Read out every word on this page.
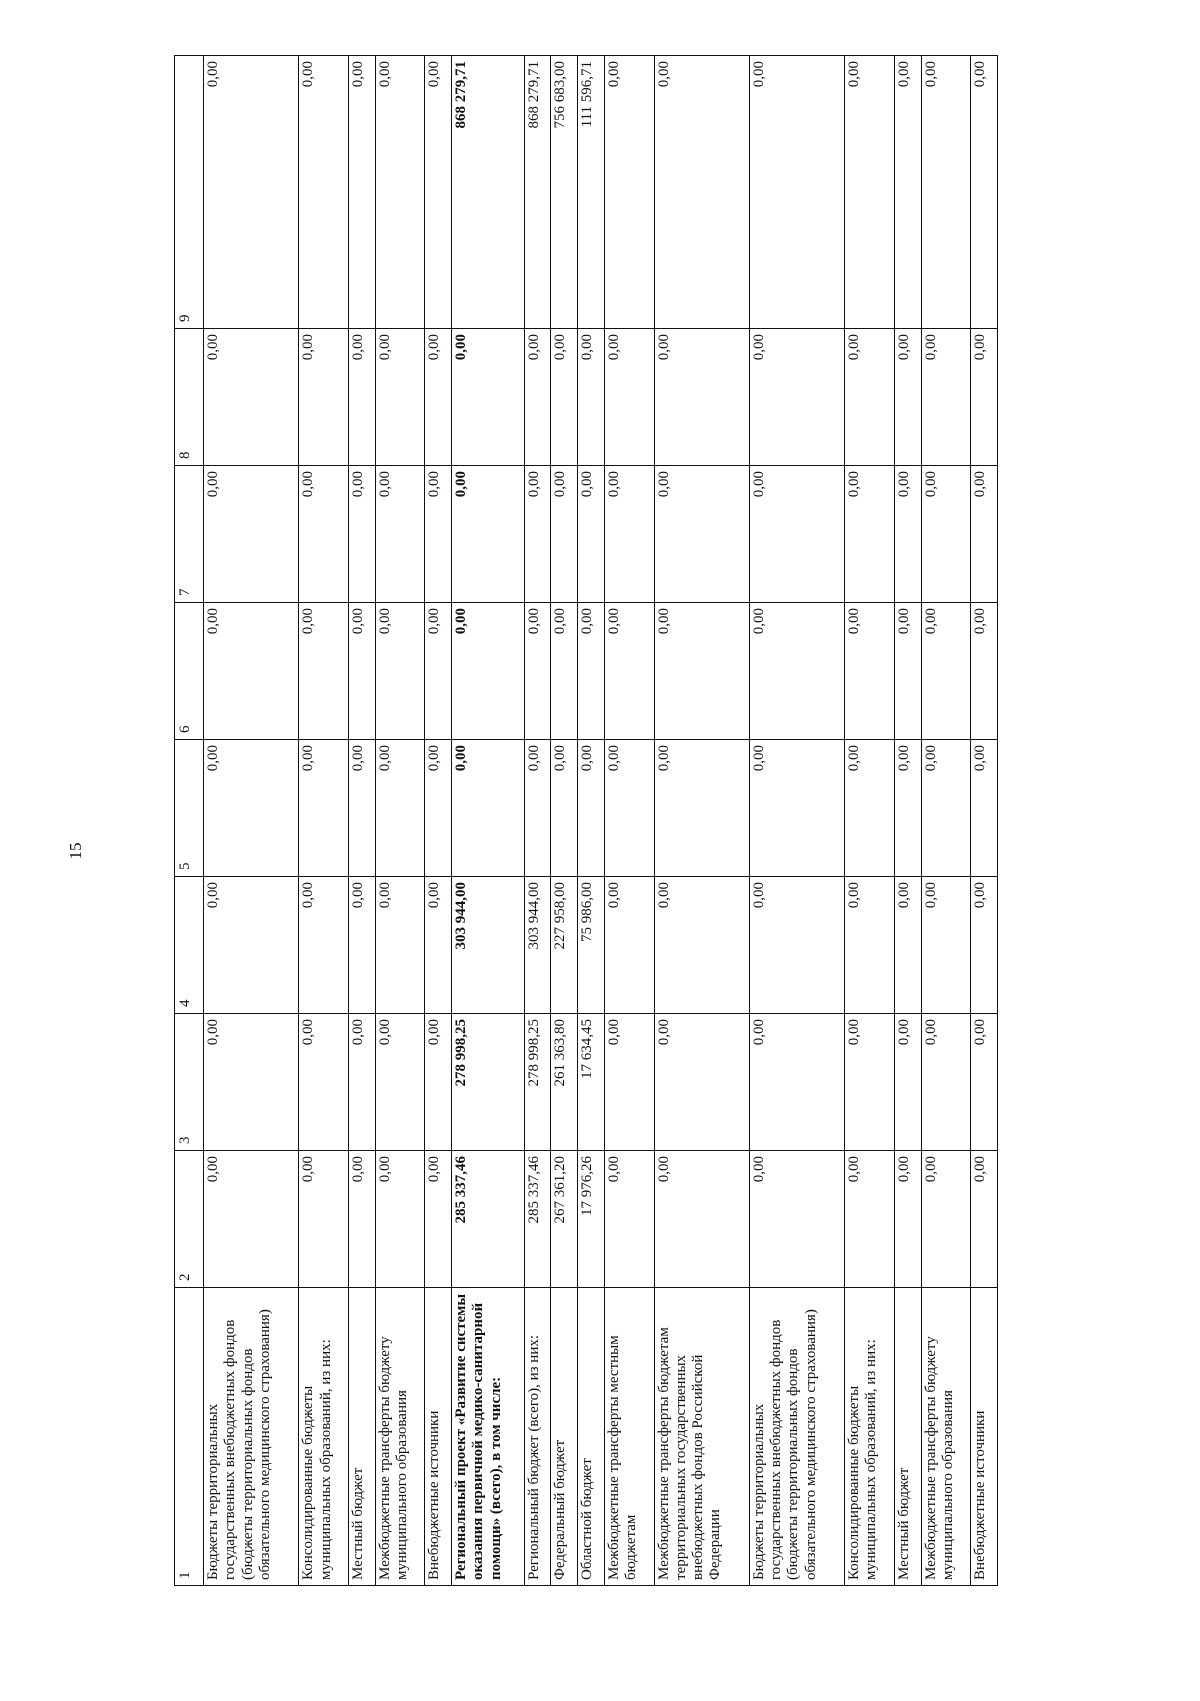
15
1	2	3	4	5	6	7	8	9
Бюджеты территориальных государственных внебюджетных фондов (бюджеты территориальных фондов обязательного медицинского страхования)	0,00	0,00	0,00	0,00	0,00	0,00	0,00	0,00
Консолидированные бюджеты муниципальных образований, из них:	0,00	0,00	0,00	0,00	0,00	0,00	0,00	0,00
Местный бюджет	0,00	0,00	0,00	0,00	0,00	0,00	0,00	0,00
Межбюджетные трансферты бюджету муниципального образования	0,00	0,00	0,00	0,00	0,00	0,00	0,00	0,00
Внебюджетные источники	0,00	0,00	0,00	0,00	0,00	0,00	0,00	0,00
Региональный проект «Развитие системы оказания первичной медико-санитарной помощи» (всего), в том числе:	285 337,46	278 998,25	303 944,00	0,00	0,00	0,00	0,00	868 279,71
Региональный бюджет (всего), из них:	285 337,46	278 998,25	303 944,00	0,00	0,00	0,00	0,00	868 279,71
Федеральный бюджет	267 361,20	261 363,80	227 958,00	0,00	0,00	0,00	0,00	756 683,00
Областной бюджет	17 976,26	17 634,45	75 986,00	0,00	0,00	0,00	0,00	111 596,71
Межбюджетные трансферты местным бюджетам	0,00	0,00	0,00	0,00	0,00	0,00	0,00	0,00
Межбюджетные трансферты бюджетам территориальных государственных внебюджетных фондов Российской Федерации	0,00	0,00	0,00	0,00	0,00	0,00	0,00	0,00
Бюджеты территориальных государственных внебюджетных фондов (бюджеты территориальных фондов обязательного медицинского страхования)	0,00	0,00	0,00	0,00	0,00	0,00	0,00	0,00
Консолидированные бюджеты муниципальных образований, из них:	0,00	0,00	0,00	0,00	0,00	0,00	0,00	0,00
Местный бюджет	0,00	0,00	0,00	0,00	0,00	0,00	0,00	0,00
Межбюджетные трансферты бюджету муниципального образования	0,00	0,00	0,00	0,00	0,00	0,00	0,00	0,00
Внебюджетные источники	0,00	0,00	0,00	0,00	0,00	0,00	0,00	0,00
